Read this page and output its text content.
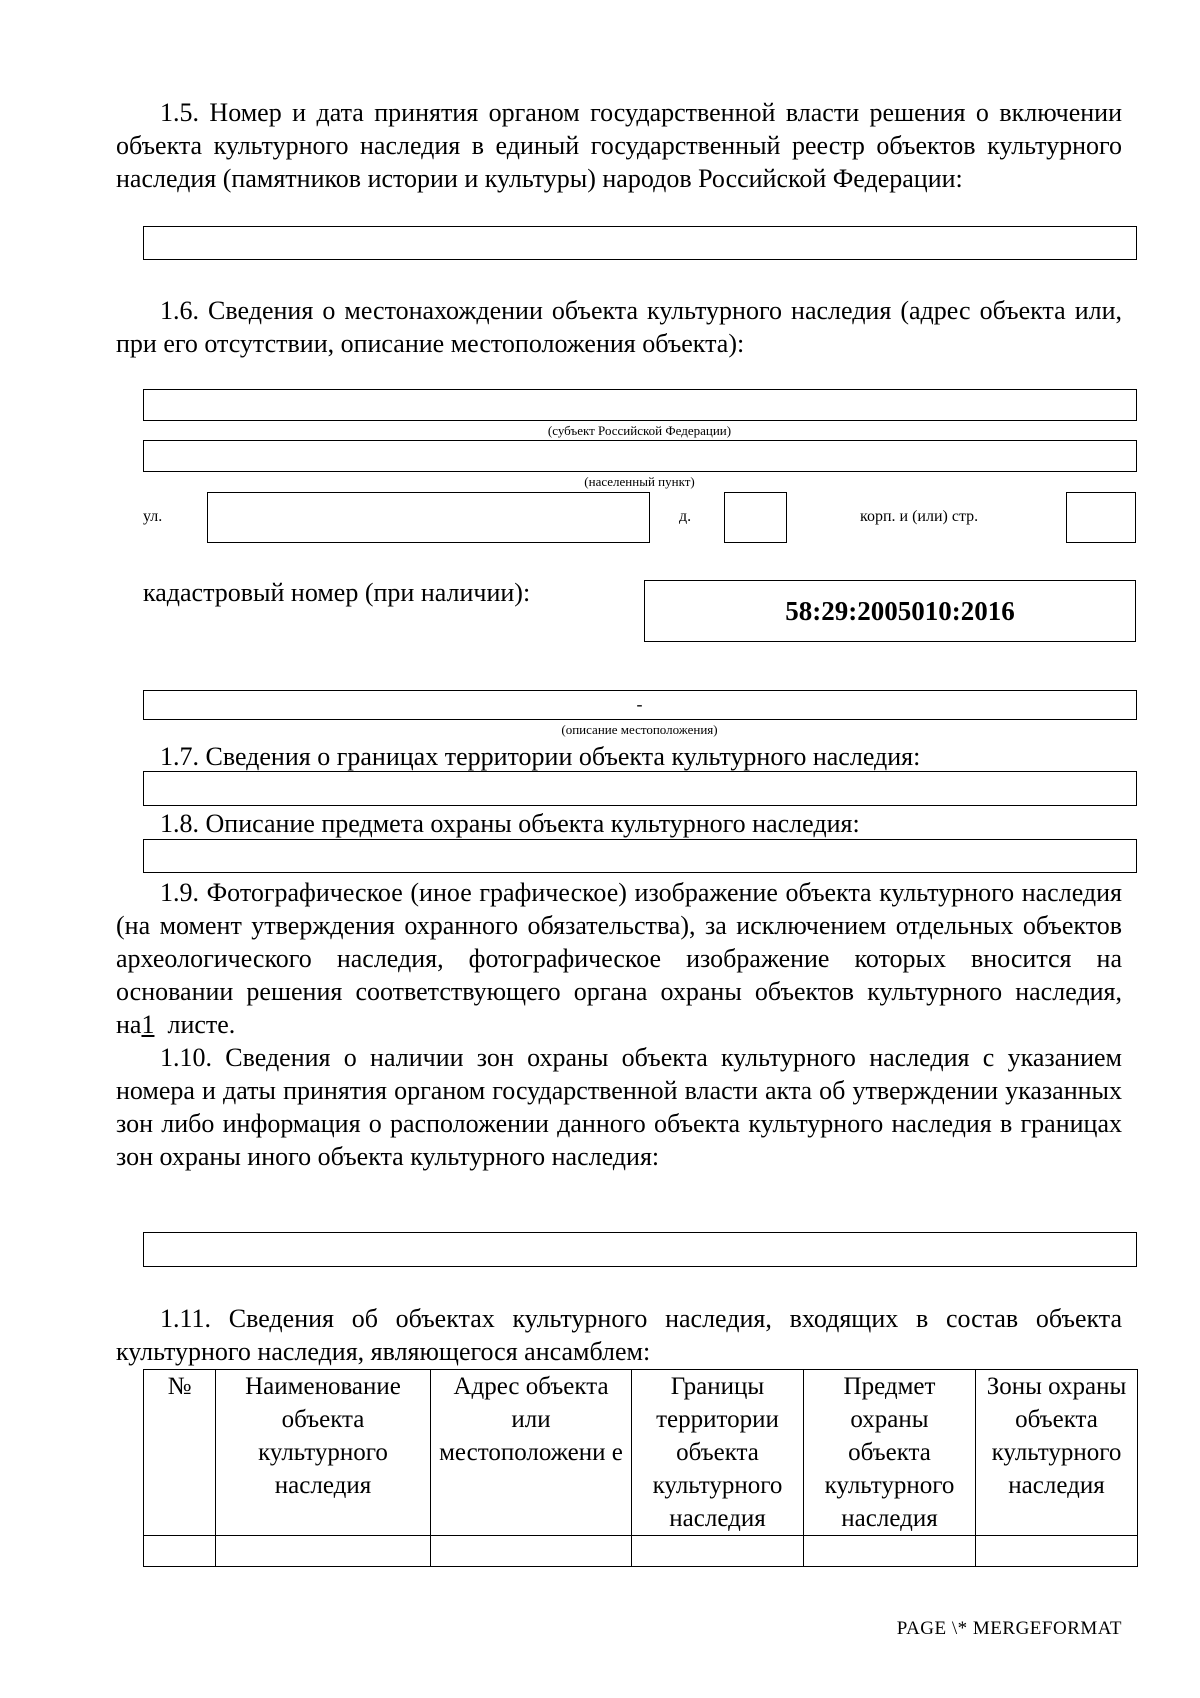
1.5. Номер и дата принятия органом государственной власти решения о включении объекта культурного наследия в единый государственный реестр объектов культурного наследия (памятников истории и культуры) народов Российской Федерации:
1.6. Сведения о местонахождении объекта культурного наследия (адрес объекта или, при его отсутствии, описание местоположения объекта):
(субъект Российской Федерации)
(населенный пункт)
ул.	д.	корп. и (или) стр.
кадастровый номер (при наличии):
58:29:2005010:2016
-
(описание местоположения)
1.7. Сведения о границах территории объекта культурного наследия:
1.8. Описание предмета охраны объекта культурного наследия:
1.9. Фотографическое (иное графическое) изображение объекта культурного наследия (на момент утверждения охранного обязательства), за исключением отдельных объектов археологического наследия, фотографическое изображение которых вносится на основании решения соответствующего органа охраны объектов культурного наследия, на1 листе.
1.10. Сведения о наличии зон охраны объекта культурного наследия с указанием номера и даты принятия органом государственной власти акта об утверждении указанных зон либо информация о расположении данного объекта культурного наследия в границах зон охраны иного объекта культурного наследия:
1.11. Сведения об объектах культурного наследия, входящих в состав объекта культурного наследия, являющегося ансамблем:
№	Наименование объекта культурного наследия	Адрес объекта или местоположени е	Границы территории объекта культурного наследия	Предмет охраны объекта культурного наследия	Зоны охраны объекта культурного наследия

PAGE \* MERGEFORMAT
